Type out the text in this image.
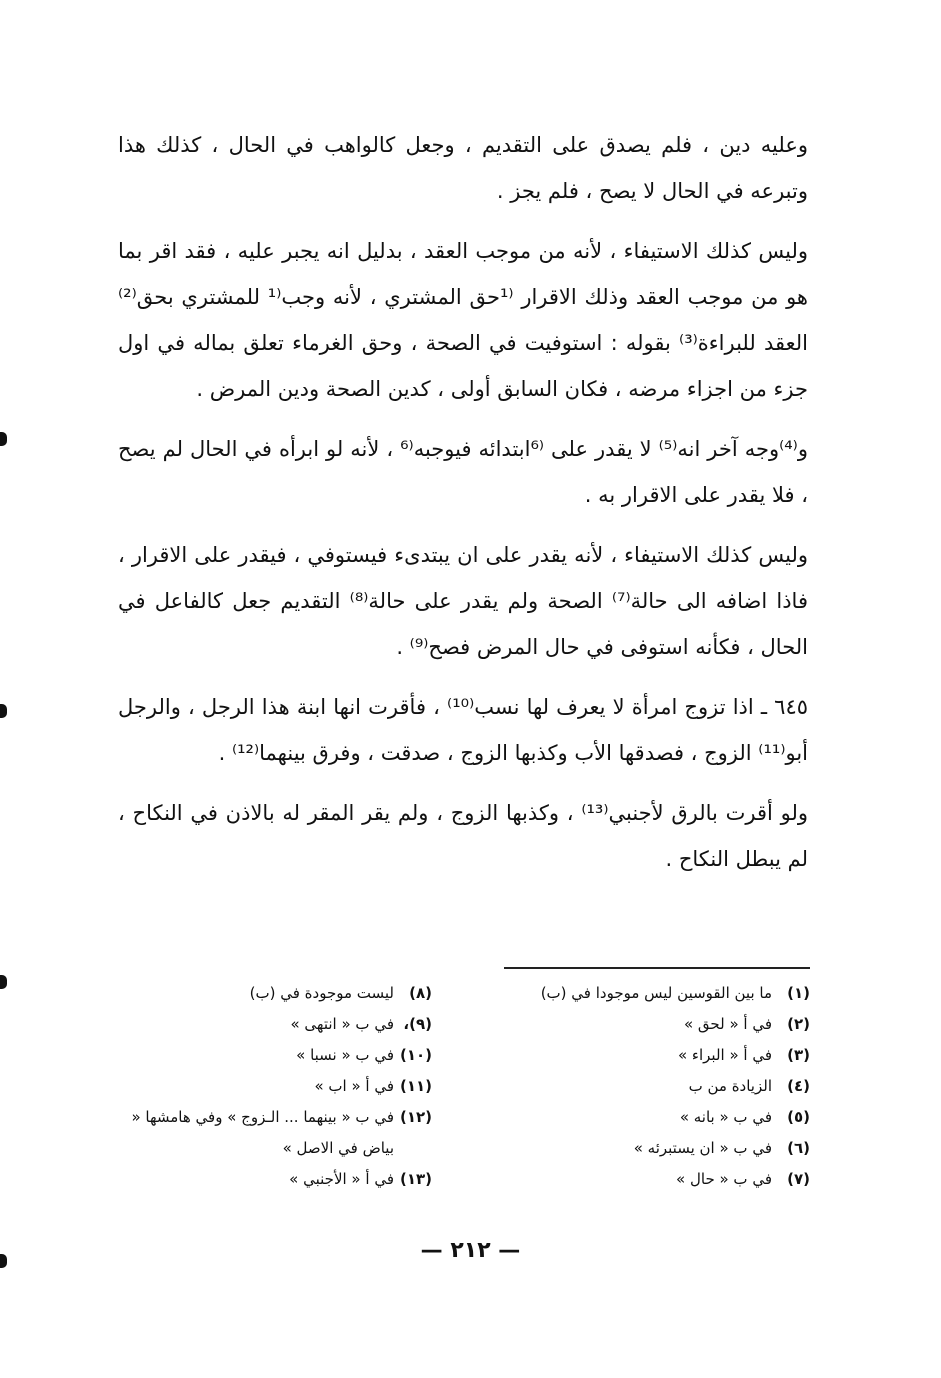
وعليه دين ، فلم يصدق على التقديم ، وجعل كالواهب في الحال ، كذلك هذا وتبرعه في الحال لا يصح ، فلم يجز .

وليس كذلك الاستيفاء ، لأنه من موجب العقد ، بدليل انه يجبر عليه ، فقد اقر بما هو من موجب العقد وذلك الاقرار ⁽¹حق المشتري ، لأنه وجب⁽¹ للمشتري بحق⁽²⁾ العقد للبراءة⁽³⁾ بقوله : استوفيت في الصحة ، وحق الغرماء تعلق بماله في اول جزء من اجزاء مرضه ، فكان السابق أولى ، كدين الصحة ودين المرض .

و⁽⁴⁾وجه آخر انه⁽⁵⁾ لا يقدر على ⁽⁶ابتدائه فيوجبه⁽⁶ ، لأنه لو ابرأه في الحال لم يصح ، فلا يقدر على الاقرار به .

وليس كذلك الاستيفاء ، لأنه يقدر على ان يبتدىء فيستوفي ، فيقدر على الاقرار ، فاذا اضافه الى حالة⁽⁷⁾ الصحة ولم يقدر على حالة⁽⁸⁾ التقديم جعل كالفاعل في الحال ، فكأنه استوفى في حال المرض فصح⁽⁹⁾ .

٦٤٥ ـ اذا تزوج امرأة لا يعرف لها نسب⁽¹⁰⁾ ، فأقرت انها ابنة هذا الرجل ، والرجل أبو⁽¹¹⁾ الزوج ، فصدقها الأب وكذبها الزوج ، صدقت ، وفرق بينهما⁽¹²⁾ .

ولو أقرت بالرق لأجنبي⁽¹³⁾ ، وكذبها الزوج ، ولم يقر المقر له بالاذن في النكاح ، لم يبطل النكاح .

(١)
ما بين القوسين ليس موجودا في (ب)
(٢)
في أ « لحق »
(٣)
في أ « البراء »
(٤)
الزيادة من ب
(٥)
في ب « بانه »
(٦)
في ب « ان يستبرئه »
(٧)
في ب « حال »
(٨)
ليست موجودة في (ب)
(٩)،
في ب « انتهى »
(١٠)
في ب « نسبا »
(١١)
في أ « اب »
(١٢)
في ب « بينهما ... الـزوج » وفي هامشها « بياض في الاصل »
(١٣)
في أ « الأجنبي »
— ٢١٢ —
